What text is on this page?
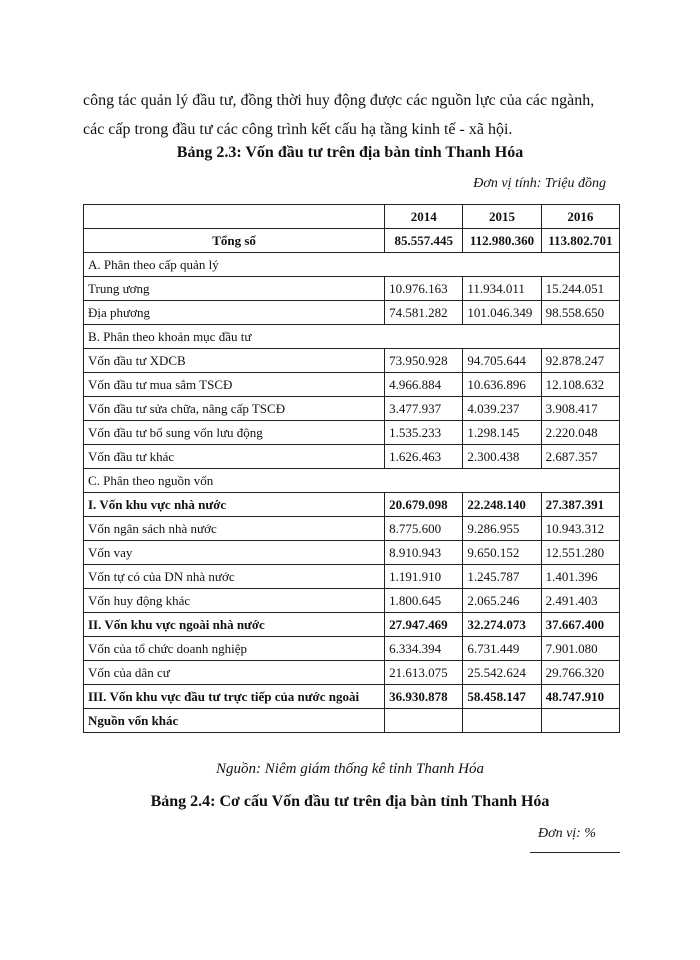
công tác quản lý đầu tư, đồng thời huy động được các nguồn lực của các ngành,
các cấp trong đầu tư các công trình kết cấu hạ tầng kinh tế - xã hội.
Bảng 2.3: Vốn đầu tư trên địa bàn tỉnh Thanh Hóa
Đơn vị tính: Triệu đồng
	2014	2015	2016
Tổng số	85.557.445	112.980.360	113.802.701
A. Phân theo cấp quản lý			
Trung ương	10.976.163	11.934.011	15.244.051
Địa phương	74.581.282	101.046.349	98.558.650
B. Phân theo khoản mục đầu tư			
Vốn đầu tư XDCB	73.950.928	94.705.644	92.878.247
Vốn đầu tư mua sắm TSCĐ	4.966.884	10.636.896	12.108.632
Vốn đầu tư sửa chữa, nâng cấp TSCĐ	3.477.937	4.039.237	3.908.417
Vốn đầu tư bổ sung vốn lưu động	1.535.233	1.298.145	2.220.048
Vốn đầu tư khác	1.626.463	2.300.438	2.687.357
C. Phân theo nguồn vốn			
I. Vốn khu vực nhà nước	20.679.098	22.248.140	27.387.391
Vốn ngân sách nhà nước	8.775.600	9.286.955	10.943.312
Vốn vay	8.910.943	9.650.152	12.551.280
Vốn tự có của DN nhà nước	1.191.910	1.245.787	1.401.396
Vốn huy động khác	1.800.645	2.065.246	2.491.403
II. Vốn khu vực ngoài nhà nước	27.947.469	32.274.073	37.667.400
Vốn của tổ chức doanh nghiệp	6.334.394	6.731.449	7.901.080
Vốn của dân cư	21.613.075	25.542.624	29.766.320
III. Vốn khu vực đầu tư trực tiếp của nước ngoài	36.930.878	58.458.147	48.747.910
Nguồn vốn khác			
Nguồn: Niêm giám thống kê tỉnh Thanh Hóa
Bảng 2.4: Cơ cấu Vốn đầu tư trên địa bàn tỉnh Thanh Hóa
Đơn vị: %
